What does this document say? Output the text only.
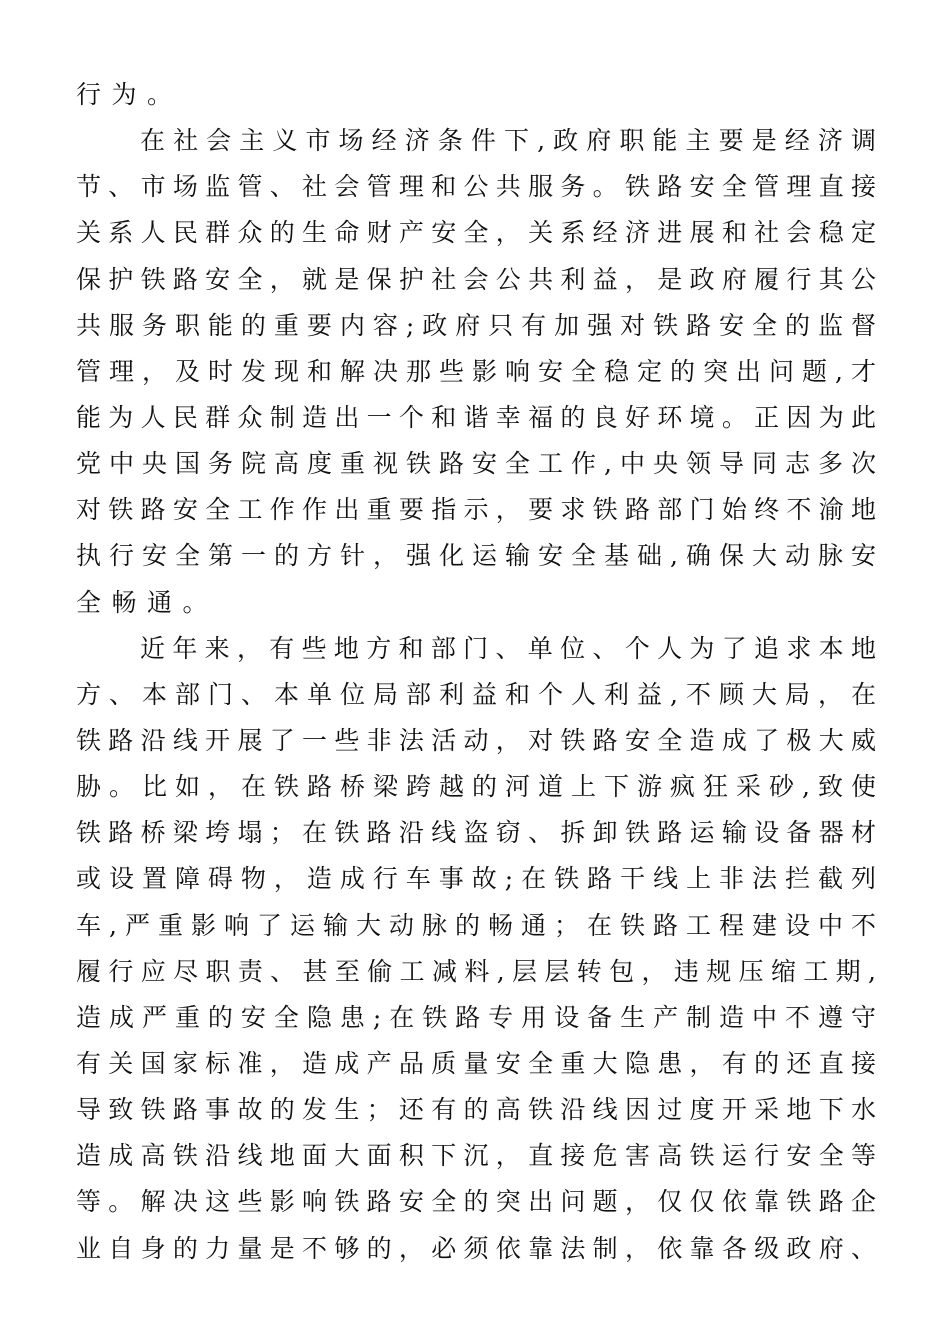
行为。
在社会主义市场经济条件下,政府职能主要是经济调
节、市场监管、社会管理和公共服务。铁路安全管理直接
关系人民群众的生命财产安全，关系经济进展和社会稳定
保护铁路安全，就是保护社会公共利益，是政府履行其公
共服务职能的重要内容;政府只有加强对铁路安全的监督
管理，及时发现和解决那些影响安全稳定的突出问题,才
能为人民群众制造出一个和谐幸福的良好环境。正因为此
党中央国务院高度重视铁路安全工作,中央领导同志多次
对铁路安全工作作出重要指示，要求铁路部门始终不渝地
执行安全第一的方针，强化运输安全基础,确保大动脉安
全畅通。
近年来，有些地方和部门、单位、个人为了追求本地
方、本部门、本单位局部利益和个人利益,不顾大局，在
铁路沿线开展了一些非法活动，对铁路安全造成了极大威
胁。比如，在铁路桥梁跨越的河道上下游疯狂采砂,致使
铁路桥梁垮塌；在铁路沿线盗窃、拆卸铁路运输设备器材
或设置障碍物，造成行车事故;在铁路干线上非法拦截列
车,严重影响了运输大动脉的畅通；在铁路工程建设中不
履行应尽职责、甚至偷工减料,层层转包，违规压缩工期,
造成严重的安全隐患;在铁路专用设备生产制造中不遵守
有关国家标准，造成产品质量安全重大隐患，有的还直接
导致铁路事故的发生；还有的高铁沿线因过度开采地下水
造成高铁沿线地面大面积下沉，直接危害高铁运行安全等
等。解决这些影响铁路安全的突出问题，仅仅依靠铁路企
业自身的力量是不够的，必须依靠法制，依靠各级政府、
